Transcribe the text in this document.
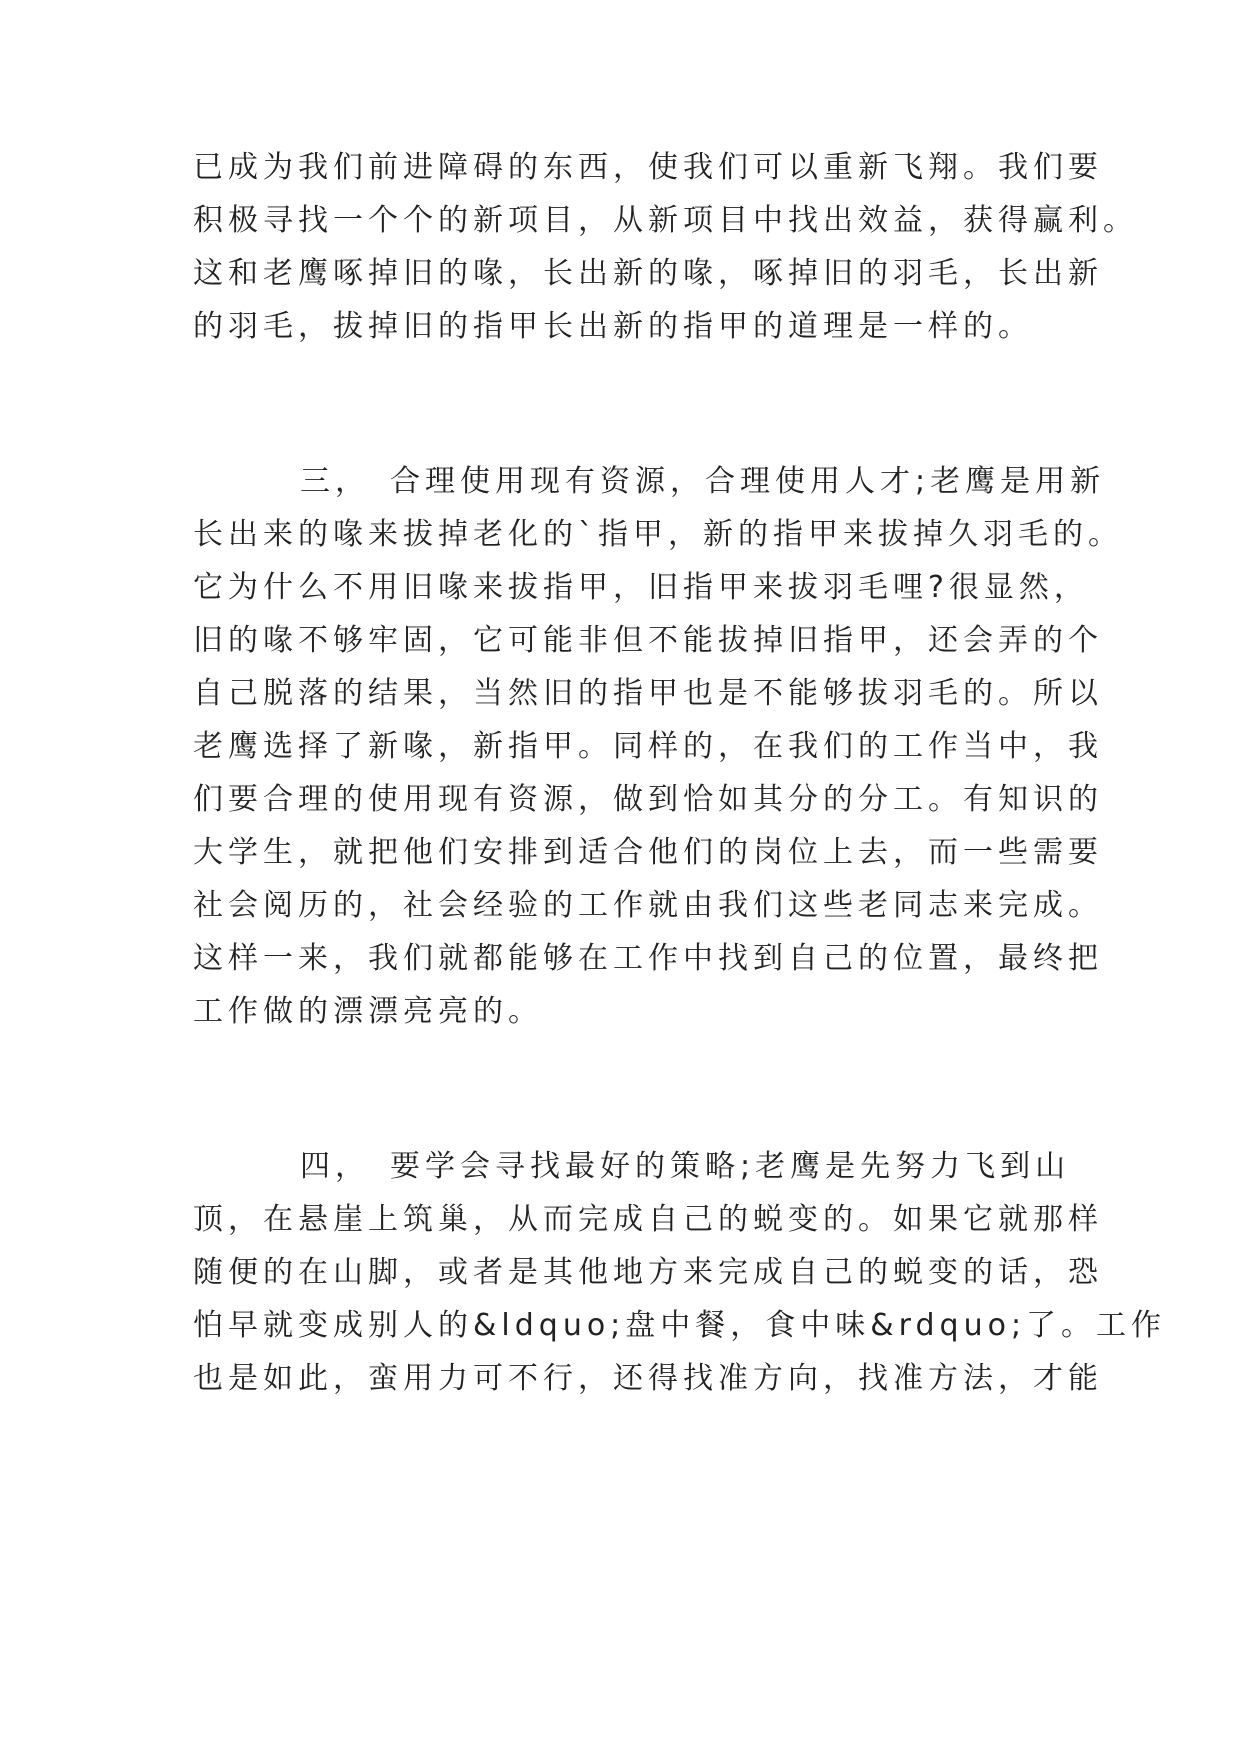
已成为我们前进障碍的东西，使我们可以重新飞翔。我们要
积极寻找一个个的新项目，从新项目中找出效益，获得赢利。
这和老鹰啄掉旧的喙，长出新的喙，啄掉旧的羽毛，长出新
的羽毛，拔掉旧的指甲长出新的指甲的道理是一样的。
三，　合理使用现有资源，合理使用人才;老鹰是用新
长出来的喙来拔掉老化的`指甲，新的指甲来拔掉久羽毛的。
它为什么不用旧喙来拔指甲，旧指甲来拔羽毛哩?很显然，
旧的喙不够牢固，它可能非但不能拔掉旧指甲，还会弄的个
自己脱落的结果，当然旧的指甲也是不能够拔羽毛的。所以
老鹰选择了新喙，新指甲。同样的，在我们的工作当中，我
们要合理的使用现有资源，做到恰如其分的分工。有知识的
大学生，就把他们安排到适合他们的岗位上去，而一些需要
社会阅历的，社会经验的工作就由我们这些老同志来完成。
这样一来，我们就都能够在工作中找到自己的位置，最终把
工作做的漂漂亮亮的。
四，　要学会寻找最好的策略;老鹰是先努力飞到山
顶，在悬崖上筑巢，从而完成自己的蜕变的。如果它就那样
随便的在山脚，或者是其他地方来完成自己的蜕变的话，恐
怕早就变成别人的&ldquo;盘中餐，食中味&rdquo;了。工作
也是如此，蛮用力可不行，还得找准方向，找准方法，才能
